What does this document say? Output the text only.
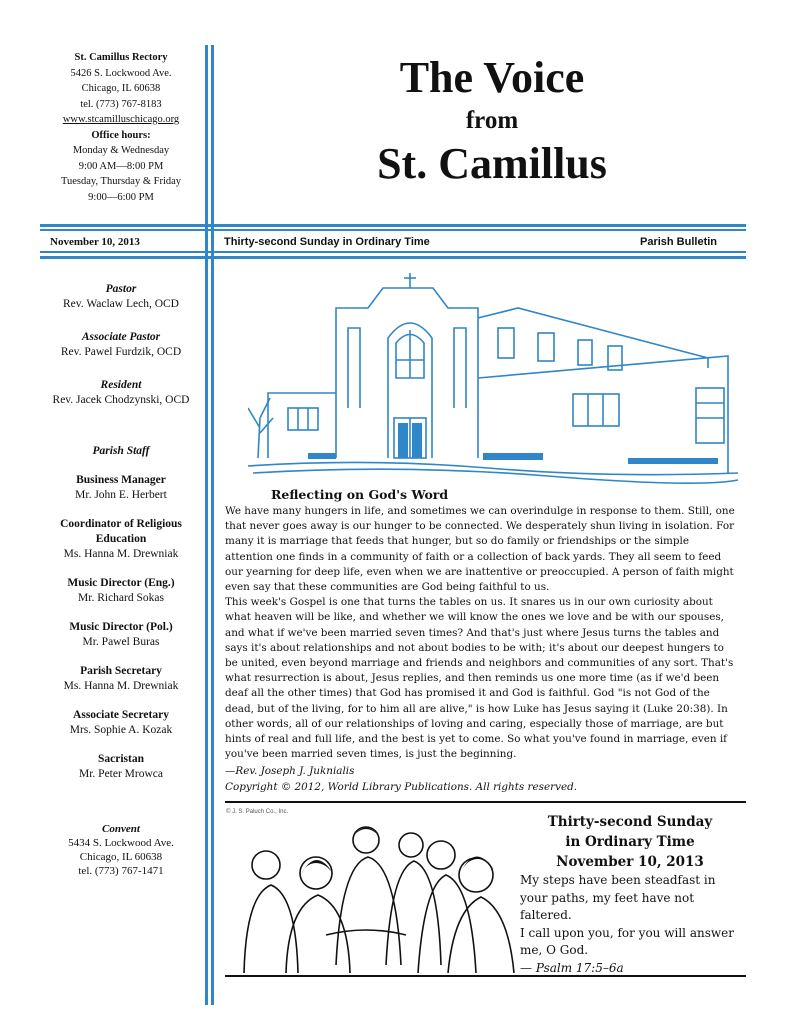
St. Camillus Rectory
5426 S. Lockwood Ave.
Chicago, IL 60638
tel. (773) 767-8183
www.stcamilluschicago.org
Office hours:
Monday & Wednesday
9:00 AM—8:00 PM
Tuesday, Thursday & Friday
9:00—6:00 PM
The Voice
from
St. Camillus
November 10, 2013	Thirty-second Sunday in Ordinary Time	Parish Bulletin
Pastor
Rev. Waclaw Lech, OCD
Associate Pastor
Rev. Pawel Furdzik, OCD
Resident
Rev. Jacek Chodzynski, OCD
Parish Staff
Business Manager
Mr. John E. Herbert
Coordinator of Religious Education
Ms. Hanna M. Drewniak
Music Director (Eng.)
Mr. Richard Sokas
Music Director (Pol.)
Mr. Pawel Buras
Parish Secretary
Ms. Hanna M. Drewniak
Associate Secretary
Mrs. Sophie A. Kozak
Sacristan
Mr. Peter Mrowca
Convent
5434 S. Lockwood Ave.
Chicago, IL 60638
tel. (773) 767-1471
Reflecting on God's Word

We have many hungers in life, and sometimes we can overindulge in response to them. Still, one that never goes away is our hunger to be connected. We desperately shun living in isolation. For many it is marriage that feeds that hunger, but so do family or friendships or the simple attention one finds in a community of faith or a collection of back yards. They all seem to feed our yearning for deep life, even when we are inattentive or preoccupied. A person of faith might even say that these communities are God being faithful to us.

This week's Gospel is one that turns the tables on us. It snares us in our own curiosity about what heaven will be like, and whether we will know the ones we love and be with our spouses, and what if we've been married seven times? And that's just where Jesus turns the tables and says it's about relationships and not about bodies to be with; it's about our deepest hungers to be united, even beyond marriage and friends and neighbors and communities of any sort. That's what resurrection is about, Jesus replies, and then reminds us one more time (as if we'd been deaf all the other times) that God has promised it and God is faithful. God "is not God of the dead, but of the living, for to him all are alive," is how Luke has Jesus saying it (Luke 20:38). In other words, all of our relationships of loving and caring, especially those of marriage, are but hints of real and full life, and the best is yet to come. So what you've found in marriage, even if you've been married seven times, is just the beginning.

—Rev. Joseph J. Juknialis

Copyright © 2012, World Library Publications. All rights reserved.

© J. S. Paluch Co., Inc.
Thirty-second Sunday
in Ordinary Time
November 10, 2013
My steps have been steadfast in your paths, my feet have not faltered.
I call upon you, for you will answer me, O God.
— Psalm 17:5–6a
